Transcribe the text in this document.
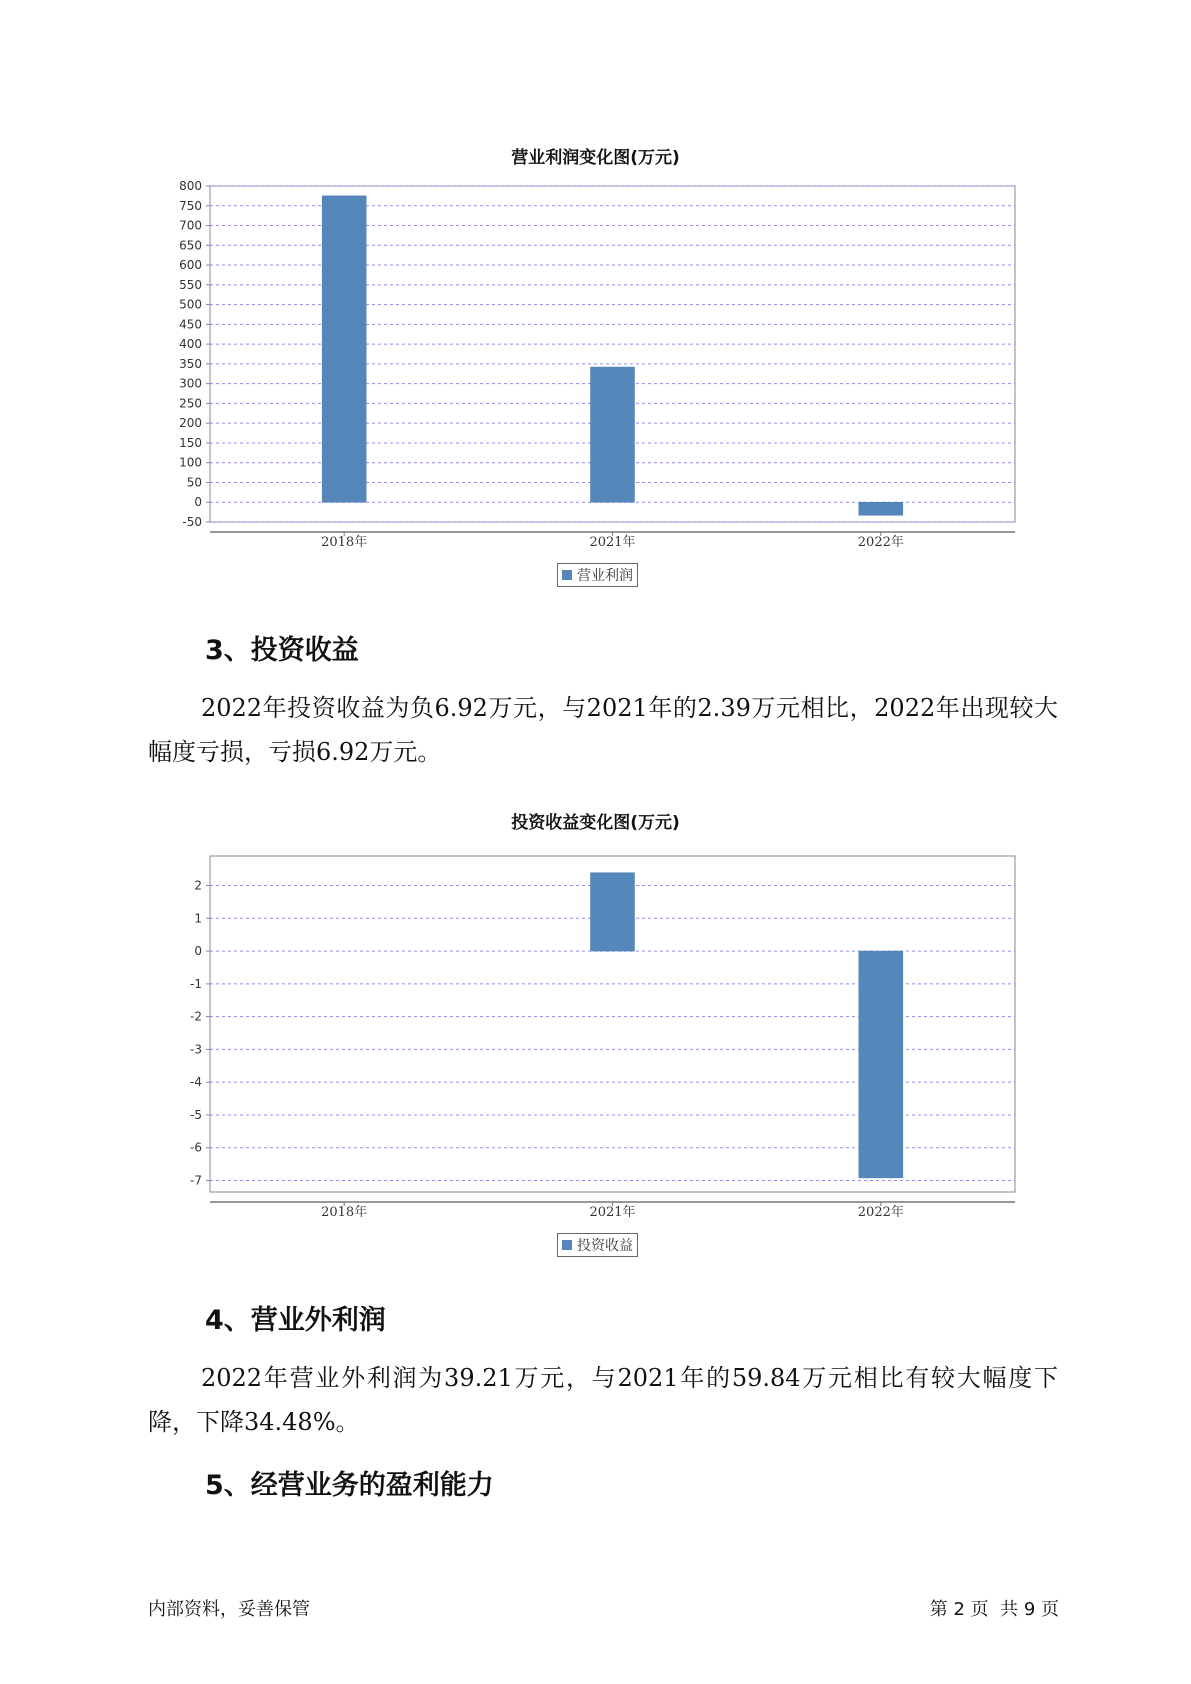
营业利润变化图(万元)
800
750
700
650
600
550
500
450
400
350
300
250
200
150
100
50
0
-50
2018年	2021年	2022年
营业利润
3、投资收益
2022年投资收益为负6.92万元，与2021年的2.39万元相比，2022年出现较大幅度亏损，亏损6.92万元。
投资收益变化图(万元)
2
1
0
-1
-2
-3
-4
-5
-6
-7
2018年	2021年	2022年
投资收益
4、营业外利润
2022年营业外利润为39.21万元，与2021年的59.84万元相比有较大幅度下降，下降34.48%。
5、经营业务的盈利能力
内部资料，妥善保管	第 2 页  共 9 页
